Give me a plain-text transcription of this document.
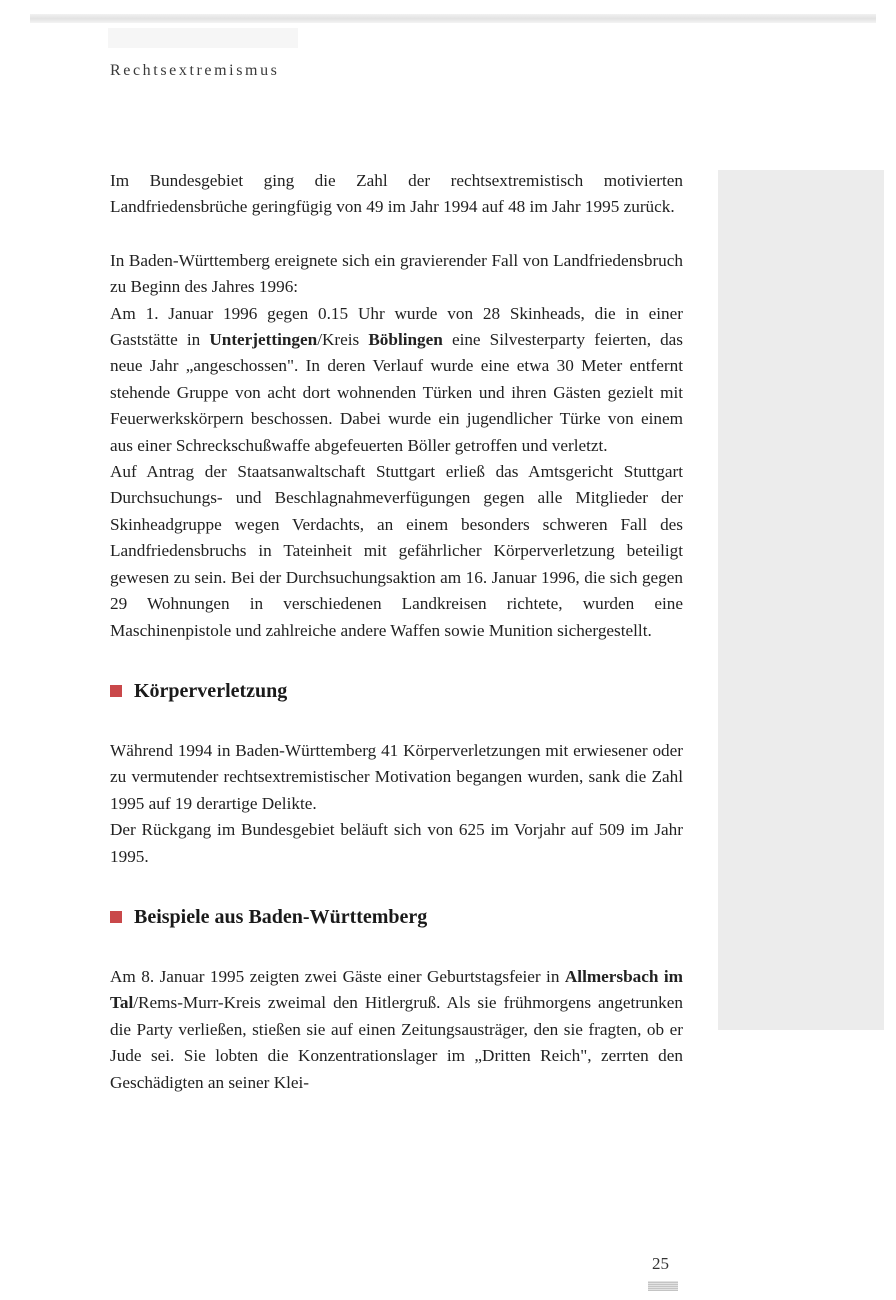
Rechtsextremismus

Im Bundesgebiet ging die Zahl der rechtsextremistisch motivierten Landfriedensbrüche geringfügig von 49 im Jahr 1994 auf 48 im Jahr 1995 zurück.

In Baden-Württemberg ereignete sich ein gravierender Fall von Landfriedensbruch zu Beginn des Jahres 1996:

Am 1. Januar 1996 gegen 0.15 Uhr wurde von 28 Skinheads, die in einer Gaststätte in Unterjettingen/Kreis Böblingen eine Silvesterparty feierten, das neue Jahr „angeschossen". In deren Verlauf wurde eine etwa 30 Meter entfernt stehende Gruppe von acht dort wohnenden Türken und ihren Gästen gezielt mit Feuerwerkskörpern beschossen. Dabei wurde ein jugendlicher Türke von einem aus einer Schreckschußwaffe abgefeuerten Böller getroffen und verletzt.

Auf Antrag der Staatsanwaltschaft Stuttgart erließ das Amtsgericht Stuttgart Durchsuchungs- und Beschlagnahmeverfügungen gegen alle Mitglieder der Skinheadgruppe wegen Verdachts, an einem besonders schweren Fall des Landfriedensbruchs in Tateinheit mit gefährlicher Körperverletzung beteiligt gewesen zu sein. Bei der Durchsuchungsaktion am 16. Januar 1996, die sich gegen 29 Wohnungen in verschiedenen Landkreisen richtete, wurden eine Maschinenpistole und zahlreiche andere Waffen sowie Munition sichergestellt.

Körperverletzung

Während 1994 in Baden-Württemberg 41 Körperverletzungen mit erwiesener oder zu vermutender rechtsextremistischer Motivation begangen wurden, sank die Zahl 1995 auf 19 derartige Delikte.

Der Rückgang im Bundesgebiet beläuft sich von 625 im Vorjahr auf 509 im Jahr 1995.

Beispiele aus Baden-Württemberg

Am 8. Januar 1995 zeigten zwei Gäste einer Geburtstagsfeier in Allmersbach im Tal/Rems-Murr-Kreis zweimal den Hitlergruß. Als sie frühmorgens angetrunken die Party verließen, stießen sie auf einen Zeitungsausträger, den sie fragten, ob er Jude sei. Sie lobten die Konzentrationslager im „Dritten Reich", zerrten den Geschädigten an seiner Klei-

25
